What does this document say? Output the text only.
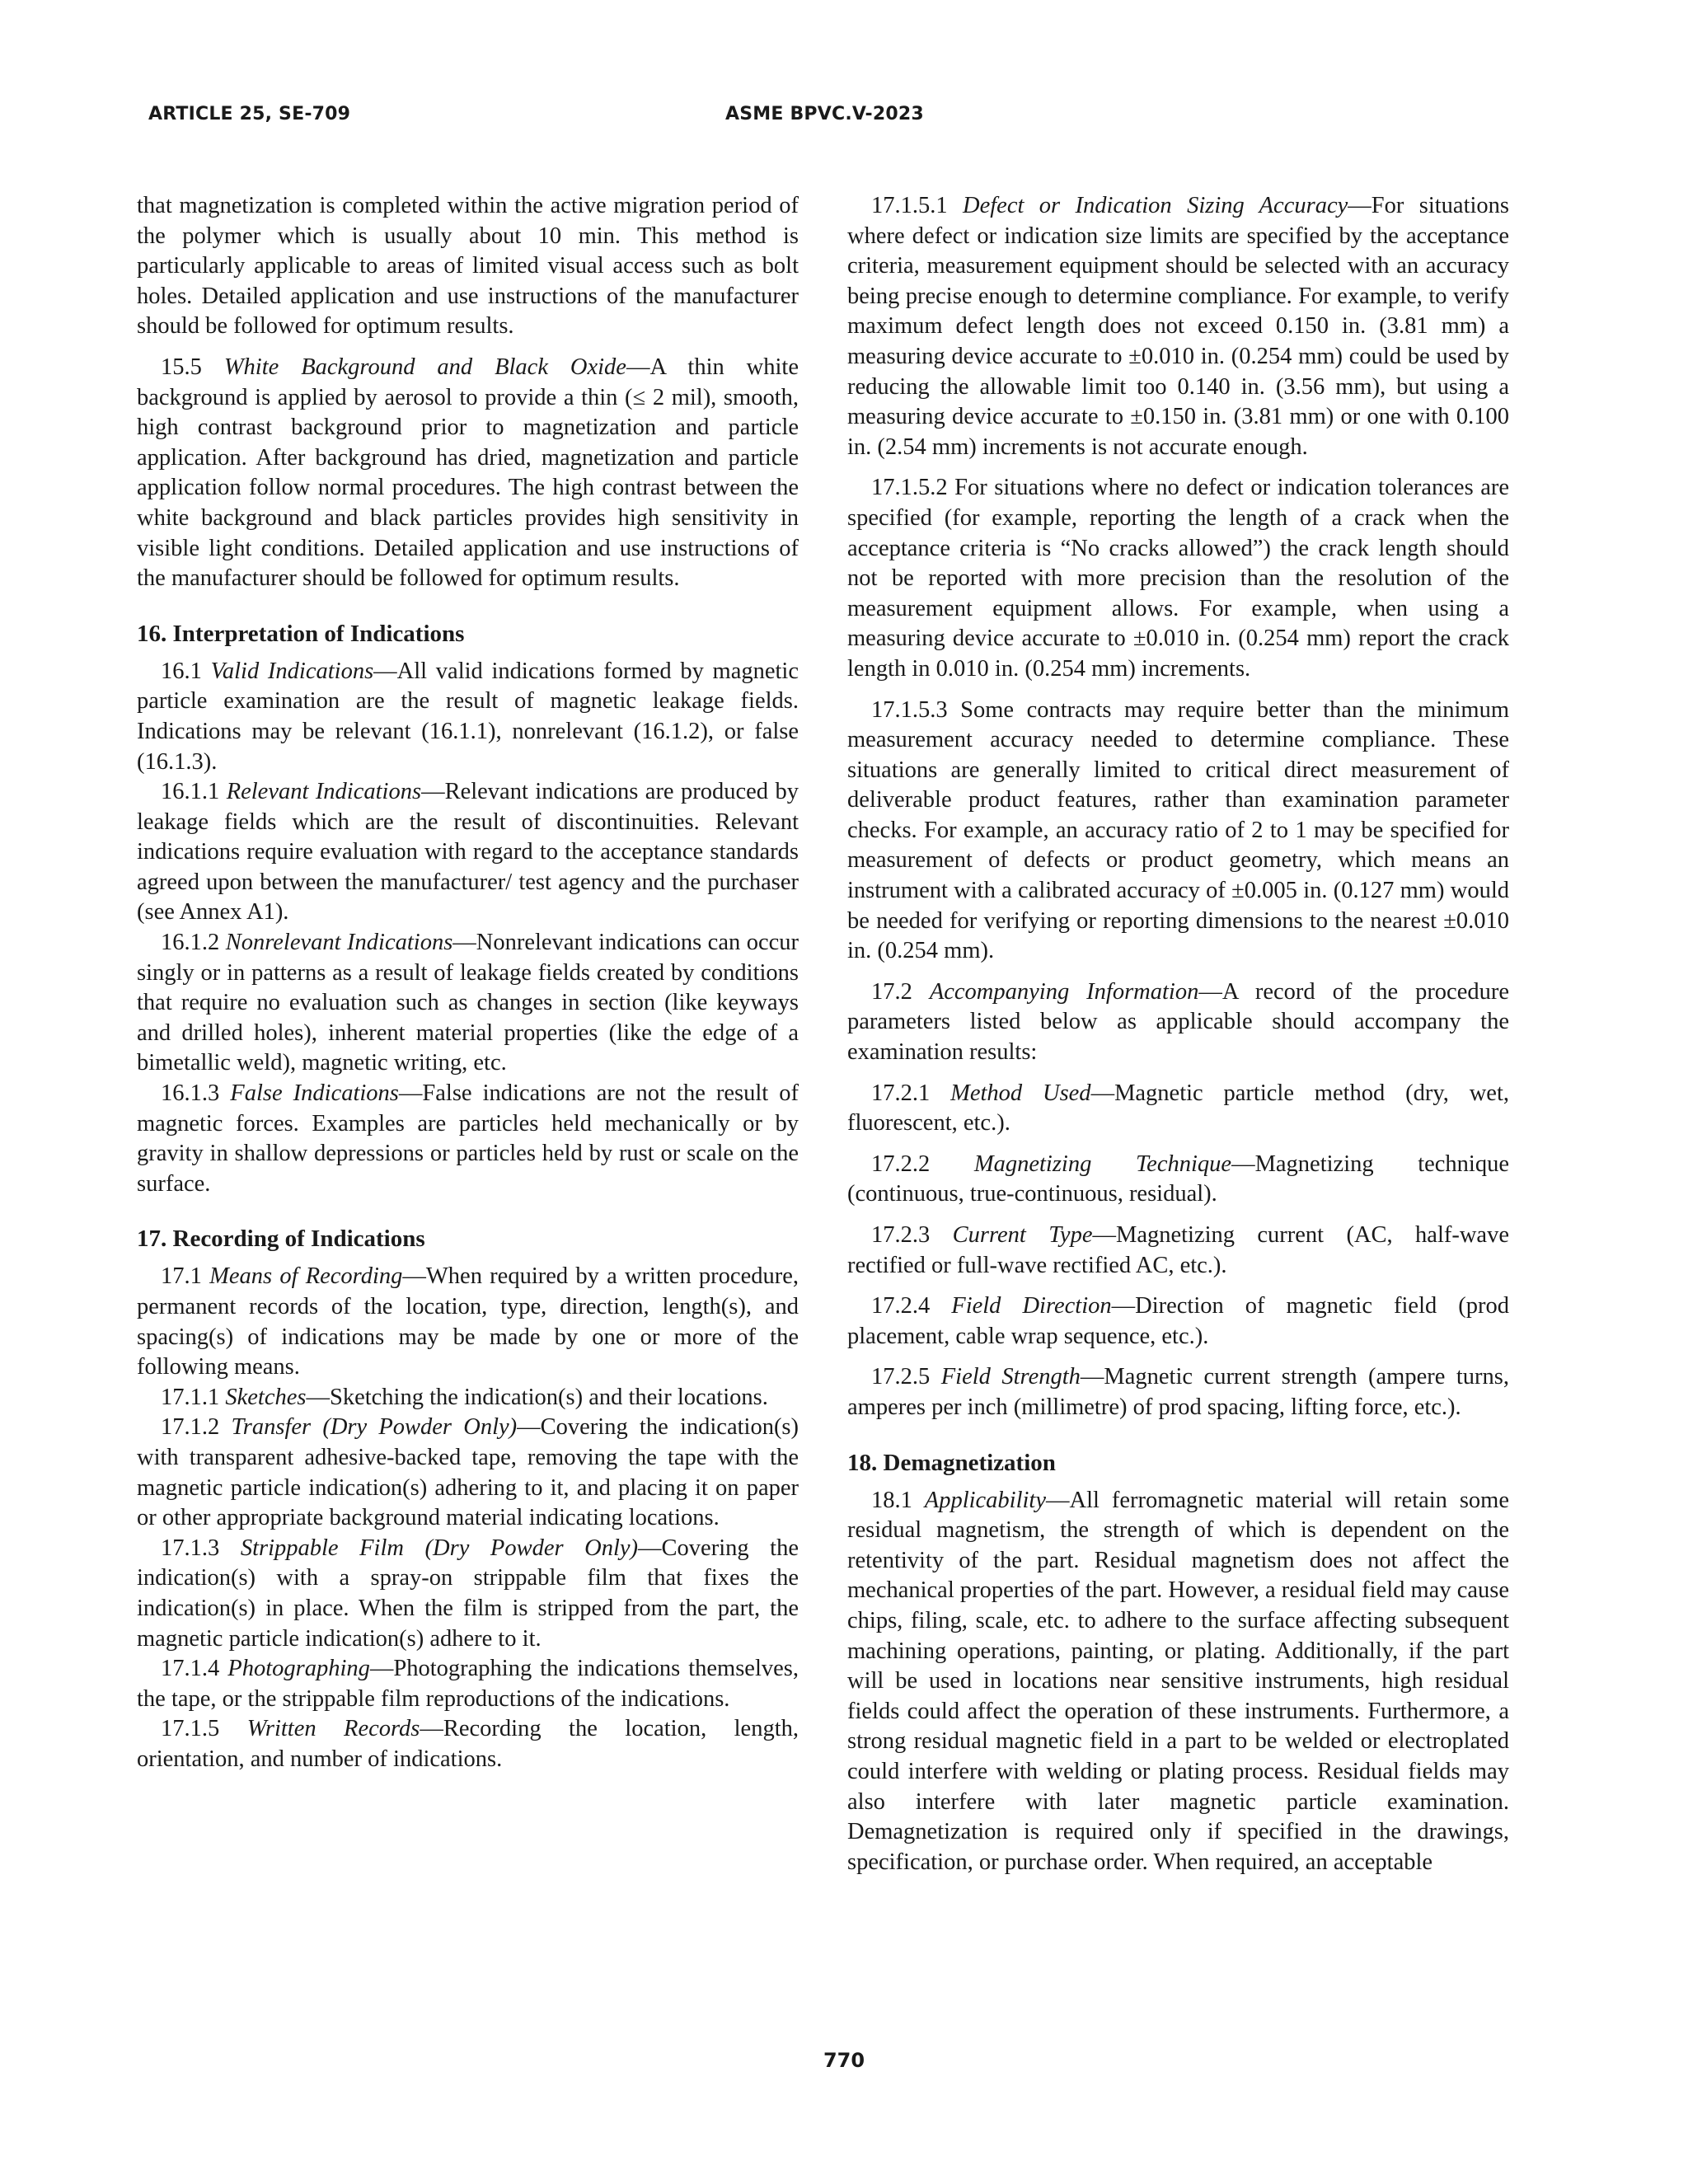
ARTICLE 25, SE-709	ASME BPVC.V-2023

that magnetization is completed within the active migration period of the polymer which is usually about 10 min. This method is particularly applicable to areas of limited visual access such as bolt holes. Detailed application and use instructions of the manufacturer should be followed for optimum results.

15.5 White Background and Black Oxide—A thin white background is applied by aerosol to provide a thin (≤ 2 mil), smooth, high contrast background prior to magnetization and particle application. After background has dried, magnetization and particle application follow normal procedures. The high contrast between the white background and black particles provides high sensitivity in visible light conditions. Detailed application and use instructions of the manufacturer should be followed for optimum results.

16. Interpretation of Indications

16.1 Valid Indications—All valid indications formed by magnetic particle examination are the result of magnetic leakage fields. Indications may be relevant (16.1.1), nonrelevant (16.1.2), or false (16.1.3).

16.1.1 Relevant Indications—Relevant indications are produced by leakage fields which are the result of discontinuities. Relevant indications require evaluation with regard to the acceptance standards agreed upon between the manufacturer/ test agency and the purchaser (see Annex A1).

16.1.2 Nonrelevant Indications—Nonrelevant indications can occur singly or in patterns as a result of leakage fields created by conditions that require no evaluation such as changes in section (like keyways and drilled holes), inherent material properties (like the edge of a bimetallic weld), magnetic writing, etc.

16.1.3 False Indications—False indications are not the result of magnetic forces. Examples are particles held mechanically or by gravity in shallow depressions or particles held by rust or scale on the surface.

17. Recording of Indications

17.1 Means of Recording—When required by a written procedure, permanent records of the location, type, direction, length(s), and spacing(s) of indications may be made by one or more of the following means.

17.1.1 Sketches—Sketching the indication(s) and their locations.

17.1.2 Transfer (Dry Powder Only)—Covering the indication(s) with transparent adhesive-backed tape, removing the tape with the magnetic particle indication(s) adhering to it, and placing it on paper or other appropriate background material indicating locations.

17.1.3 Strippable Film (Dry Powder Only)—Covering the indication(s) with a spray-on strippable film that fixes the indication(s) in place. When the film is stripped from the part, the magnetic particle indication(s) adhere to it.

17.1.4 Photographing—Photographing the indications themselves, the tape, or the strippable film reproductions of the indications.

17.1.5 Written Records—Recording the location, length, orientation, and number of indications.

17.1.5.1 Defect or Indication Sizing Accuracy—For situations where defect or indication size limits are specified by the acceptance criteria, measurement equipment should be selected with an accuracy being precise enough to determine compliance. For example, to verify maximum defect length does not exceed 0.150 in. (3.81 mm) a measuring device accurate to ±0.010 in. (0.254 mm) could be used by reducing the allowable limit too 0.140 in. (3.56 mm), but using a measuring device accurate to ±0.150 in. (3.81 mm) or one with 0.100 in. (2.54 mm) increments is not accurate enough.

17.1.5.2 For situations where no defect or indication tolerances are specified (for example, reporting the length of a crack when the acceptance criteria is “No cracks allowed”) the crack length should not be reported with more precision than the resolution of the measurement equipment allows. For example, when using a measuring device accurate to ±0.010 in. (0.254 mm) report the crack length in 0.010 in. (0.254 mm) increments.

17.1.5.3 Some contracts may require better than the minimum measurement accuracy needed to determine compliance. These situations are generally limited to critical direct measurement of deliverable product features, rather than examination parameter checks. For example, an accuracy ratio of 2 to 1 may be specified for measurement of defects or product geometry, which means an instrument with a calibrated accuracy of ±0.005 in. (0.127 mm) would be needed for verifying or reporting dimensions to the nearest ±0.010 in. (0.254 mm).

17.2 Accompanying Information—A record of the procedure parameters listed below as applicable should accompany the examination results:

17.2.1 Method Used—Magnetic particle method (dry, wet, fluorescent, etc.).

17.2.2 Magnetizing Technique—Magnetizing technique (continuous, true-continuous, residual).

17.2.3 Current Type—Magnetizing current (AC, half-wave rectified or full-wave rectified AC, etc.).

17.2.4 Field Direction—Direction of magnetic field (prod placement, cable wrap sequence, etc.).

17.2.5 Field Strength—Magnetic current strength (ampere turns, amperes per inch (millimetre) of prod spacing, lifting force, etc.).

18. Demagnetization

18.1 Applicability—All ferromagnetic material will retain some residual magnetism, the strength of which is dependent on the retentivity of the part. Residual magnetism does not affect the mechanical properties of the part. However, a residual field may cause chips, filing, scale, etc. to adhere to the surface affecting subsequent machining operations, painting, or plating. Additionally, if the part will be used in locations near sensitive instruments, high residual fields could affect the operation of these instruments. Furthermore, a strong residual magnetic field in a part to be welded or electroplated could interfere with welding or plating process. Residual fields may also interfere with later magnetic particle examination. Demagnetization is required only if specified in the drawings, specification, or purchase order. When required, an acceptable

770
